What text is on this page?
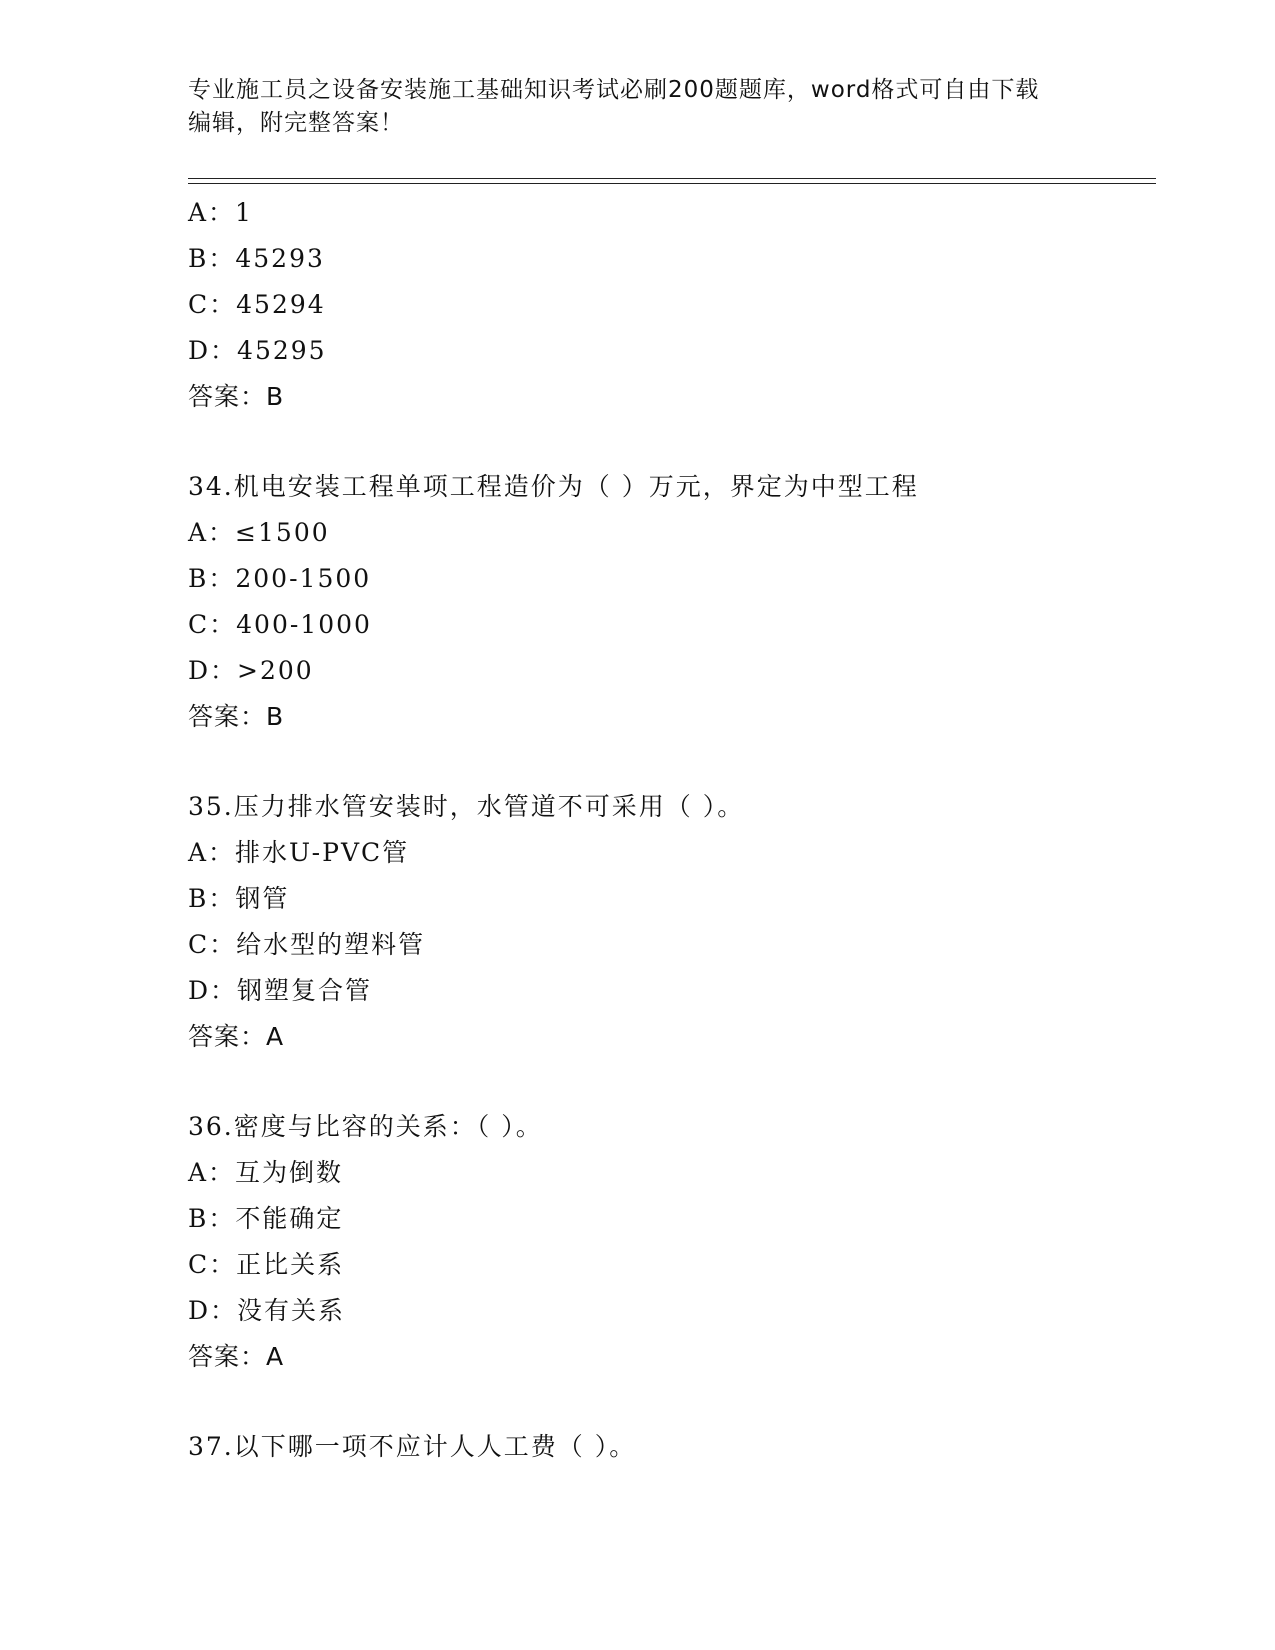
专业施工员之设备安装施工基础知识考试必刷200题题库，word格式可自由下载
编辑，附完整答案！
A：1
B：45293
C：45294
D：45295
答案：B
34.机电安装工程单项工程造价为（ ）万元，界定为中型工程
A：≤1500
B：200-1500
C：400-1000
D：>200
答案：B
35.压力排水管安装时，水管道不可采用（ ）。
A：排水U-PVC管
B：钢管
C：给水型的塑料管
D：钢塑复合管
答案：A
36.密度与比容的关系：（ ）。
A：互为倒数
B：不能确定
C：正比关系
D：没有关系
答案：A
37.以下哪一项不应计人人工费（ ）。
